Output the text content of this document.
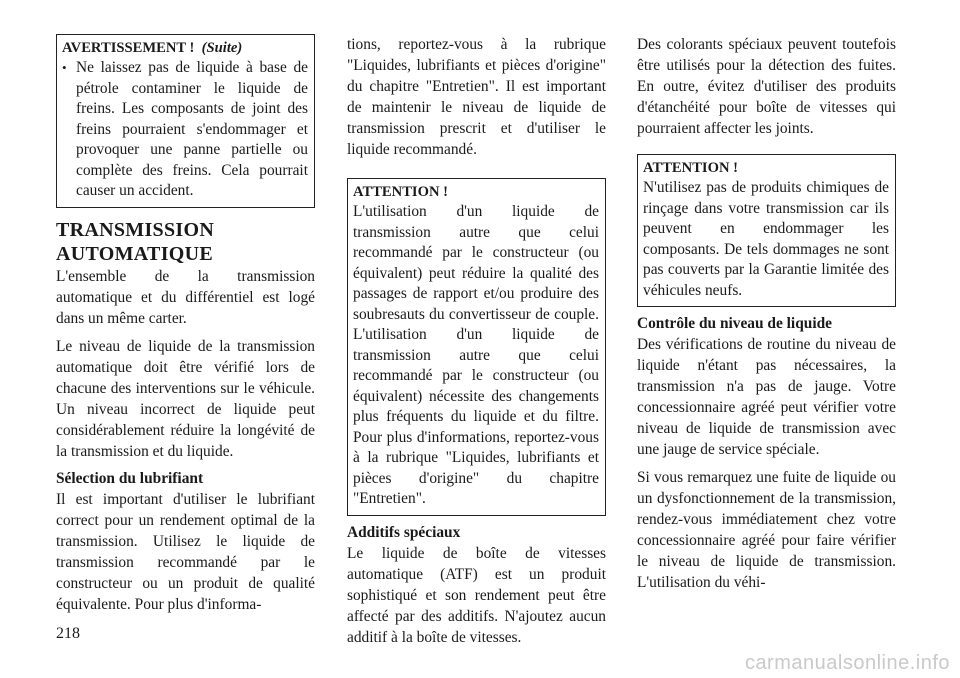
AVERTISSEMENT ! (Suite)
• Ne laissez pas de liquide à base de pétrole contaminer le liquide de freins. Les composants de joint des freins pourraient s'endommager et provoquer une panne partielle ou complète des freins. Cela pourrait causer un accident.

TRANSMISSION AUTOMATIQUE

L'ensemble de la transmission automatique et du différentiel est logé dans un même carter.

Le niveau de liquide de la transmission automatique doit être vérifié lors de chacune des interventions sur le véhicule. Un niveau incorrect de liquide peut considérablement réduire la longévité de la transmission et du liquide.

Sélection du lubrifiant

Il est important d'utiliser le lubrifiant correct pour un rendement optimal de la transmission. Utilisez le liquide de transmission recommandé par le constructeur ou un produit de qualité équivalente. Pour plus d'informa-

tions, reportez-vous à la rubrique "Liquides, lubrifiants et pièces d'origine" du chapitre "Entretien". Il est important de maintenir le niveau de liquide de transmission prescrit et d'utiliser le liquide recommandé.

ATTENTION !

L'utilisation d'un liquide de transmission autre que celui recommandé par le constructeur (ou équivalent) peut réduire la qualité des passages de rapport et/ou produire des soubresauts du convertisseur de couple. L'utilisation d'un liquide de transmission autre que celui recommandé par le constructeur (ou équivalent) nécessite des changements plus fréquents du liquide et du filtre. Pour plus d'informations, reportez-vous à la rubrique "Liquides, lubrifiants et pièces d'origine" du chapitre "Entretien".

Additifs spéciaux

Le liquide de boîte de vitesses automatique (ATF) est un produit sophistiqué et son rendement peut être affecté par des additifs. N'ajoutez aucun additif à la boîte de vitesses.

Des colorants spéciaux peuvent toutefois être utilisés pour la détection des fuites. En outre, évitez d'utiliser des produits d'étanchéité pour boîte de vitesses qui pourraient affecter les joints.

ATTENTION !

N'utilisez pas de produits chimiques de rinçage dans votre transmission car ils peuvent en endommager les composants. De tels dommages ne sont pas couverts par la Garantie limitée des véhicules neufs.

Contrôle du niveau de liquide

Des vérifications de routine du niveau de liquide n'étant pas nécessaires, la transmission n'a pas de jauge. Votre concessionnaire agréé peut vérifier votre niveau de liquide de transmission avec une jauge de service spéciale.

Si vous remarquez une fuite de liquide ou un dysfonctionnement de la transmission, rendez-vous immédiatement chez votre concessionnaire agréé pour faire vérifier le niveau de liquide de transmission. L'utilisation du véhi-

218
carmanualsonline.info
